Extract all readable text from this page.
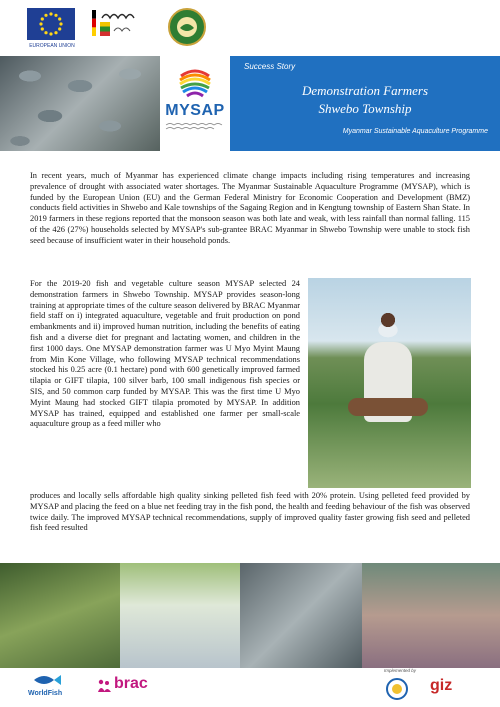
EUROPEAN UNION
MYSAP
Success Story
Demonstration Farmers
Shwebo Township
Myanmar Sustainable Aquaculture Programme
In recent years, much of Myanmar has experienced climate change impacts including rising temperatures and increasing prevalence of drought with associated water shortages. The Myanmar Sustainable Aquaculture Programme (MYSAP), which is funded by the European Union (EU) and the German Federal Ministry for Economic Cooperation and Development (BMZ) conducts field activities in Shwebo and Kale townships of the Sagaing Region and in Kengtung township of Eastern Shan State. In 2019 farmers in these regions reported that the monsoon season was both late and weak, with less rainfall than normal falling. 115 of the 426 (27%) households selected by MYSAP's sub-grantee BRAC Myanmar in Shwebo Township were unable to stock fish seed because of insufficient water in their household ponds.
For the 2019-20 fish and vegetable culture season MYSAP selected 24 demonstration farmers in Shwebo Township. MYSAP provides season-long training at appropriate times of the culture season delivered by BRAC Myanmar field staff on i) integrated aquaculture, vegetable and fruit production on pond embankments and ii) improved human nutrition, including the benefits of eating fish and a diverse diet for pregnant and lactating women, and children in the first 1000 days. One MYSAP demonstration farmer was U Myo Myint Maung from Min Kone Village, who following MYSAP technical recommendations stocked his 0.25 acre (0.1 hectare) pond with 600 genetically improved farmed tilapia or GIFT tilapia, 100 silver barb, 100 small indigenous fish species or SIS, and 50 common carp funded by MYSAP. This was the first time U Myo Myint Maung had stocked GIFT tilapia promoted by MYSAP. In addition MYSAP has trained, equipped and established one farmer per small-scale aquaculture group as a feed miller who
produces and locally sells affordable high quality sinking pelleted fish feed with 20% protein. Using pelleted feed provided by MYSAP and placing the feed on a blue net feeding tray in the fish pond, the health and feeding behaviour of the fish was observed twice daily. The improved MYSAP technical recommendations, supply of improved quality faster growing fish seed and pelleted fish feed resulted
WorldFish
brac
Implemented by
giz
